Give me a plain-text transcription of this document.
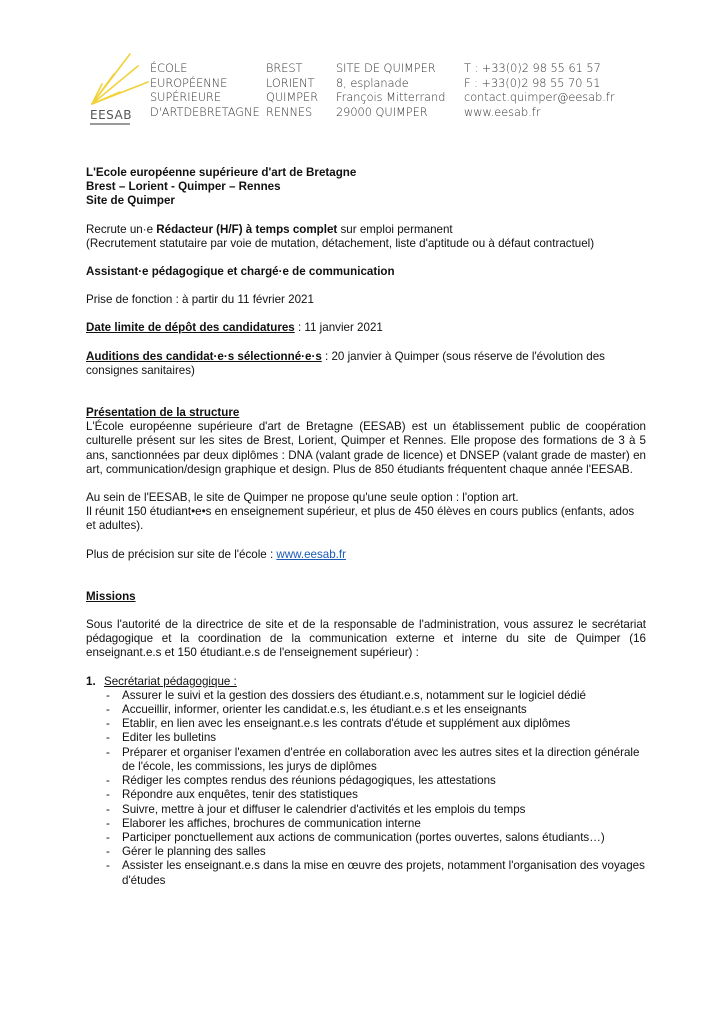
EESAB
ÉCOLE
EUROPÉENNE
SUPÉRIEURE
D'ARTDEBRETAGNE
BREST
LORIENT
QUIMPER
RENNES
SITE DE QUIMPER
8, esplanade
François Mitterrand
29000 QUIMPER
T : +33(0)2 98 55 61 57
F : +33(0)2 98 55 70 51
contact.quimper@eesab.fr
www.eesab.fr

L'Ecole européenne supérieure d'art de Bretagne

Brest – Lorient - Quimper – Rennes

Site de Quimper

Recrute un·e Rédacteur (H/F) à temps complet sur emploi permanent

(Recrutement statutaire par voie de mutation, détachement, liste d'aptitude ou à défaut contractuel)

Assistant·e pédagogique et chargé·e de communication

Prise de fonction : à partir du 11 février 2021

Date limite de dépôt des candidatures : 11 janvier 2021

Auditions des candidat·e·s sélectionné·e·s : 20 janvier à Quimper (sous réserve de l'évolution des consignes sanitaires)

Présentation de la structure

L'École européenne supérieure d'art de Bretagne (EESAB) est un établissement public de coopération culturelle présent sur les sites de Brest, Lorient, Quimper et Rennes. Elle propose des formations de 3 à 5 ans, sanctionnées par deux diplômes : DNA (valant grade de licence) et DNSEP (valant grade de master) en art, communication/design graphique et design. Plus de 850 étudiants fréquentent chaque année l'EESAB.

Au sein de l'EESAB, le site de Quimper ne propose qu'une seule option : l'option art.

Il réunit 150 étudiant•e•s en enseignement supérieur, et plus de 450 élèves en cours publics (enfants, ados et adultes).

Plus de précision sur site de l'école : www.eesab.fr

Missions

Sous l'autorité de la directrice de site et de la responsable de l'administration, vous assurez le secrétariat pédagogique et la coordination de la communication externe et interne du site de Quimper (16 enseignant.e.s et 150 étudiant.e.s de l'enseignement supérieur) :

1. Secrétariat pédagogique :

- Assurer le suivi et la gestion des dossiers des étudiant.e.s, notamment sur le logiciel dédié
- Accueillir, informer, orienter les candidat.e.s, les étudiant.e.s et les enseignants
- Etablir, en lien avec les enseignant.e.s les contrats d'étude et supplément aux diplômes
- Editer les bulletins
- Préparer et organiser l'examen d'entrée en collaboration avec les autres sites et la direction générale de l'école, les commissions, les jurys de diplômes
- Rédiger les comptes rendus des réunions pédagogiques, les attestations
- Répondre aux enquêtes, tenir des statistiques
- Suivre, mettre à jour et diffuser le calendrier d'activités et les emplois du temps
- Elaborer les affiches, brochures de communication interne
- Participer ponctuellement aux actions de communication (portes ouvertes, salons étudiants…)
- Gérer le planning des salles
- Assister les enseignant.e.s dans la mise en œuvre des projets, notamment l'organisation des voyages d'études
